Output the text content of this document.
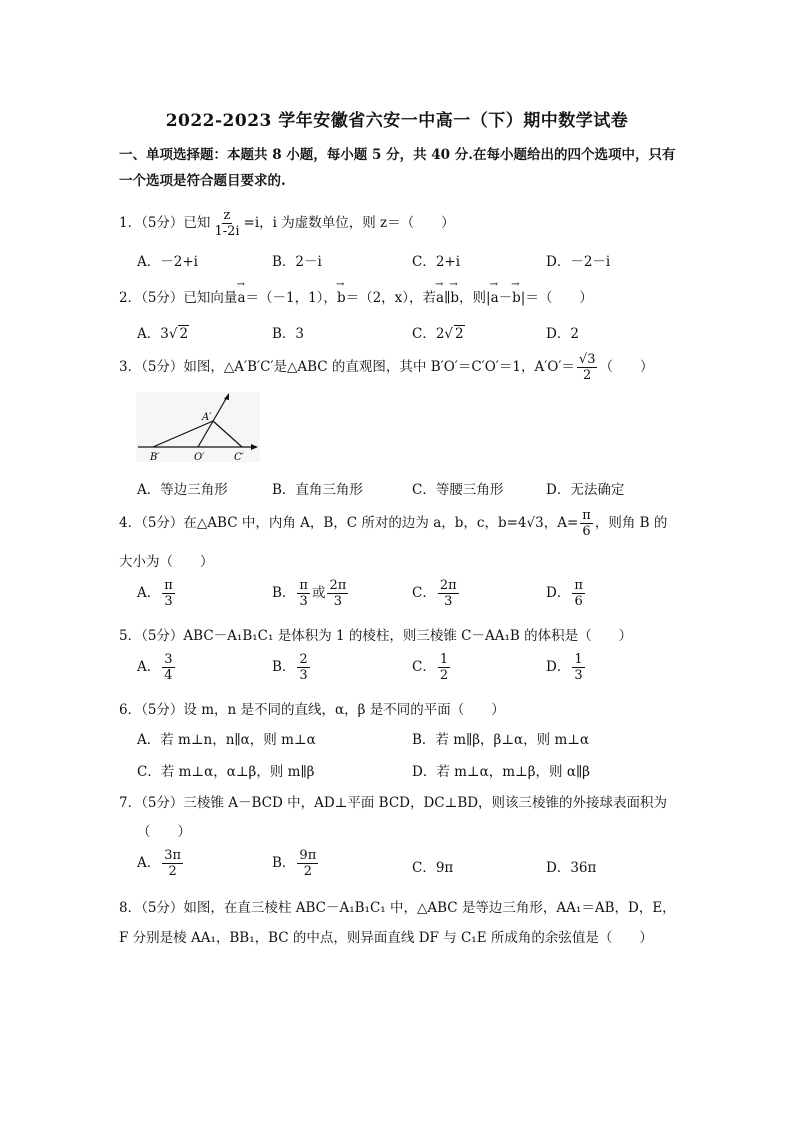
2022-2023 学年安徽省六安一中高一（下）期中数学试卷
一、单项选择题：本题共 8 小题，每小题 5 分，共 40 分.在每小题给出的四个选项中，只有
一个选项是符合题目要求的.
1．（5分）已知 $\frac{z}{1-2i} =i$，i 为虚数单位，则 z＝（　　）
A．－2+i	B．2－i	C．2+i	D．－2－i
2．（5分）已知向量→ a＝（－1，1），→ b＝（2，x），若→ a∥→ b，则|→ a－→ b|＝（　　）
A．3√ 2	B．3	C．2√ 2	D．2
3．（5分）如图，△A′B′C′是△ABC 的直观图，其中 B′O′＝C′O′＝1，$A'O'= \frac{√3}{2}$ （　　）
A′
B′	O′	C′
A．等边三角形	B．直角三角形	C．等腰三角形	D．无法确定
4．（5分）在△ABC 中，内角 A，B，C 所对的边为 a，b，c，b=4√3，$A= \frac{\pi}{6}$ ，则角 B 的
大小为（　　）
A． $\frac{\pi}{3}$	B． $\frac{\pi}{3}$ 或 $\frac{2\pi}{3}$	C． $\frac{2\pi}{3}$	D． $\frac{\pi}{6}$
5．（5分）ABC－A₁B₁C₁ 是体积为 1 的棱柱，则三棱锥 C－AA₁B 的体积是（　　）
A． $\frac{3}{4}$	B． $\frac{2}{3}$	C． $\frac{1}{2}$	D． $\frac{1}{3}$
6．（5分）设 m，n 是不同的直线，α，β 是不同的平面（　　）
A．若 m⊥n，n∥α，则 m⊥α	B．若 m∥β，β⊥α，则 m⊥α
C．若 m⊥α，α⊥β，则 m∥β	D．若 m⊥α，m⊥β，则 α∥β
7．（5分）三棱锥 A－BCD 中，AD⊥平面 BCD，DC⊥BD，则该三棱锥的外接球表面积为
（　　）
A． $\frac{3\pi}{2}$	B． $\frac{9\pi}{2}$	C．9π	D．36π
8．（5分）如图，在直三棱柱 ABC－A₁B₁C₁ 中，△ABC 是等边三角形，AA₁＝AB，D，E，
F 分别是棱 AA₁，BB₁，BC 的中点，则异面直线 DF 与 C₁E 所成角的余弦值是（　　）
